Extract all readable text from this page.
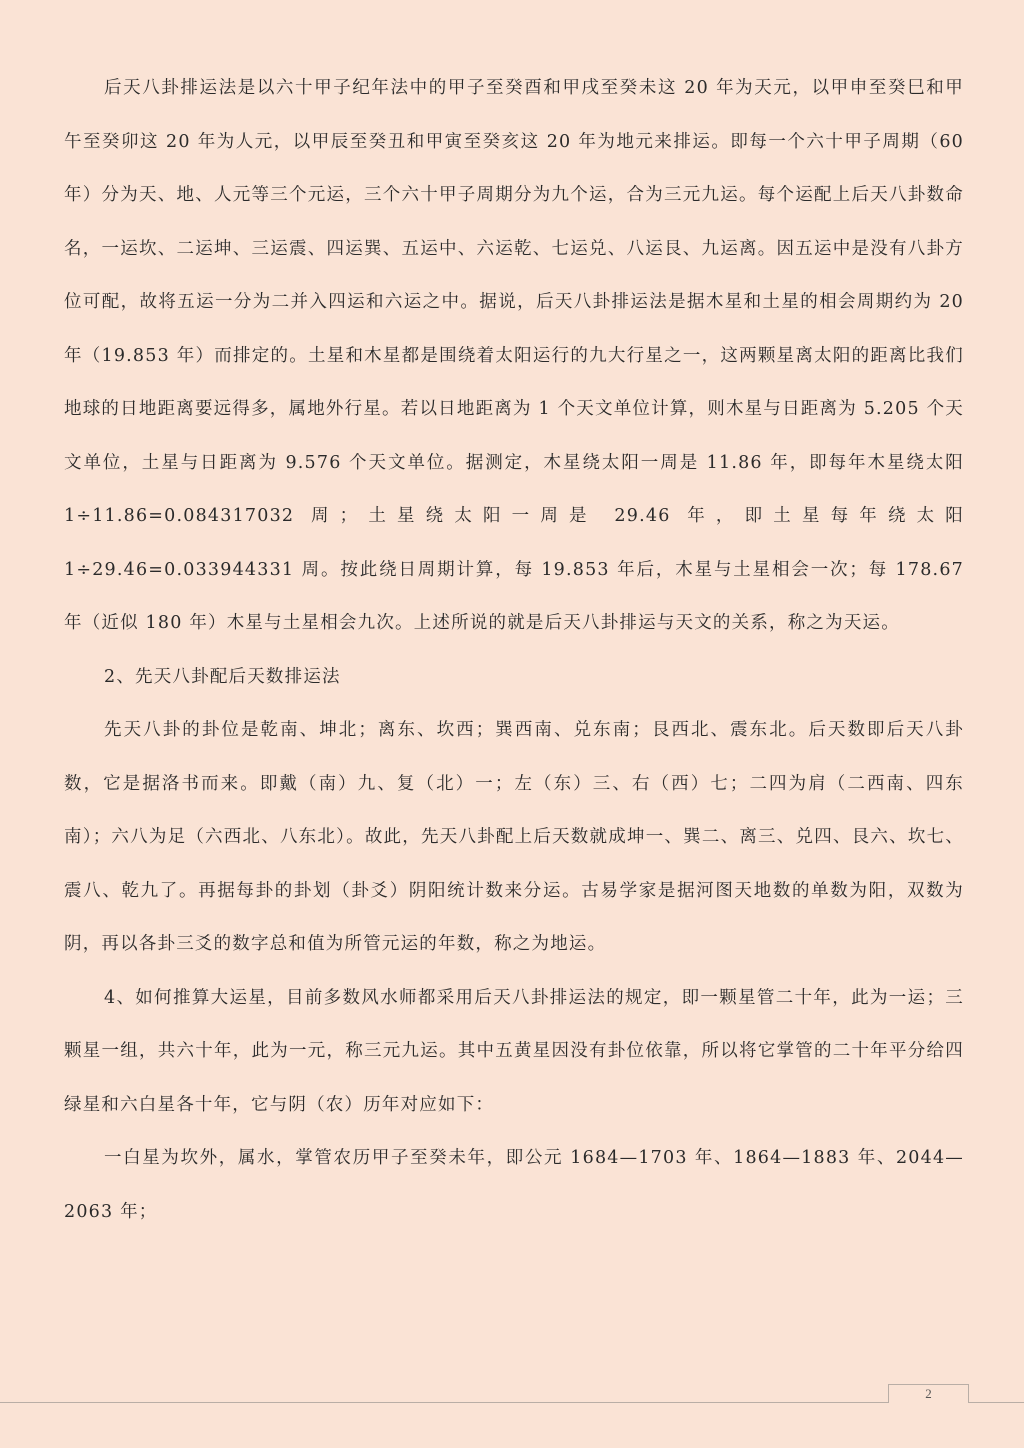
后天八卦排运法是以六十甲子纪年法中的甲子至癸酉和甲戌至癸未这 20 年为天元，以甲申至癸巳和甲午至癸卯这 20 年为人元，以甲辰至癸丑和甲寅至癸亥这 20 年为地元来排运。即每一个六十甲子周期（60 年）分为天、地、人元等三个元运，三个六十甲子周期分为九个运，合为三元九运。每个运配上后天八卦数命名，一运坎、二运坤、三运震、四运巽、五运中、六运乾、七运兑、八运艮、九运离。因五运中是没有八卦方位可配，故将五运一分为二并入四运和六运之中。据说，后天八卦排运法是据木星和土星的相会周期约为 20 年（19.853 年）而排定的。土星和木星都是围绕着太阳运行的九大行星之一，这两颗星离太阳的距离比我们地球的日地距离要远得多，属地外行星。若以日地距离为 1 个天文单位计算，则木星与日距离为 5.205 个天文单位，土星与日距离为 9.576 个天文单位。据测定，木星绕太阳一周是 11.86 年，即每年木星绕太阳 1÷11.86=0.084317032 周；土星绕太阳一周是 29.46 年，即土星每年绕太阳 1÷29.46=0.033944331 周。按此绕日周期计算，每 19.853 年后，木星与土星相会一次；每 178.67 年（近似 180 年）木星与土星相会九次。上述所说的就是后天八卦排运与天文的关系，称之为天运。

2、先天八卦配后天数排运法

先天八卦的卦位是乾南、坤北；离东、坎西；巽西南、兑东南；艮西北、震东北。后天数即后天八卦数，它是据洛书而来。即戴（南）九、复（北）一；左（东）三、右（西）七；二四为肩（二西南、四东南）；六八为足（六西北、八东北）。故此，先天八卦配上后天数就成坤一、巽二、离三、兑四、艮六、坎七、震八、乾九了。再据每卦的卦划（卦爻）阴阳统计数来分运。古易学家是据河图天地数的单数为阳，双数为阴，再以各卦三爻的数字总和值为所管元运的年数，称之为地运。

4、如何推算大运星，目前多数风水师都采用后天八卦排运法的规定，即一颗星管二十年，此为一运；三颗星一组，共六十年，此为一元，称三元九运。其中五黄星因没有卦位依靠，所以将它掌管的二十年平分给四绿星和六白星各十年，它与阴（农）历年对应如下：

一白星为坎外，属水，掌管农历甲子至癸未年，即公元 1684—1703 年、1864—1883 年、2044—2063 年；

2
